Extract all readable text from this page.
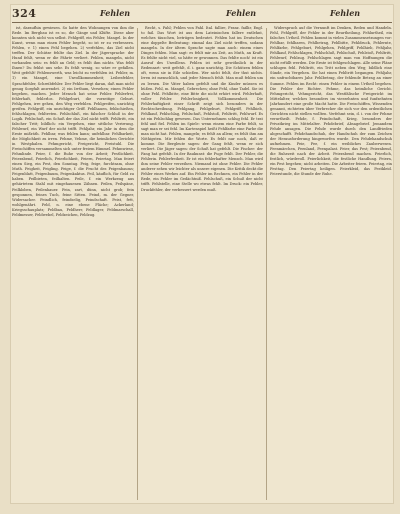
324	Fehlen	Fehlen	Fehlen

ist, daraufhin gewiesen. So hatte den Wohnungen von ihm die Rede. Im Bergbau ist es so, die Gänge und Klüfte. Diese aber konnten sich nicht von selbst. Fehlgriff, ein Fehler, Mangel. In der Kunst, wenn man einen Fehler begeht, so ist er zu verbessern. Fehlen, v. 1) einen Fehl begehen. 2) verfehlen, das Ziel nicht treffen. Der Schütze fehlte das Ziel. In der Jägersprache: der Hund fehlt, wenn er die Fährte verliert. Fehlen, mangeln, nicht vorhanden sein: es fehlt an Geld; es fehlt ihm nichts. Was fehlt Ihnen? Du fehlst uns sehr. Es fehlt wenig, so wäre er gefallen. Weit gefehlt! Fehlenswerth, was leicht zu verfehlen ist. Fehler, m. 1) ein Mangel, eine Unvollkommenheit; Leibesfehler, Sprachfehler, Schreibfehler. Der Fehler liegt daran, daß man nicht genug Sorgfalt anwendet. 2) ein Irrthum, Versehen; einen Fehler begehen, machen. Jeder Mensch hat seine Fehler. Fehlerfrei, fehlerhaft, fehlerlos. Fehlgeburt, die vorzeitige Geburt. Fehlgehen, irre gehen, den Weg verfehlen. Fehlgreifen, unrichtig greifen. Fehlgriff, ein unrichtiger Griff. Fehlhauen, fehlschießen, fehlschlagen, fehltreten. Fehlschluß, ein falscher Schluß in der Logik. Fehlschuß, ein Schuß der das Ziel nicht trifft. Fehltritt, ein falscher Tritt; bildlich: ein Vergehen, eine sittliche Verirrung. Fehlwurf, ein Wurf der nicht trifft. Fehljahr, ein Jahr in dem die Ernte mißräth. Fehlbar, was fehlen kann; unfehlbar. Fehlbarkeit, die Möglichkeit zu irren. Fehme, Vehme, die heimlichen Gerichte in Westphalen. Fehmgericht, Freigericht, Freistuhl. Die Freischöffen versammelten sich unter freiem Himmel. Fehmwiese, Fehmlinde. Feier, f. die Ruhe von der Arbeit; Festlichkeit. Feierabend, Feierlich, Feierlichkeit, Feiern, Feiertag. Man feiert einen Sieg, ein Fest, den Sonntag. Feig, feige, furchtsam, ohne Muth. Feigheit, Feigling. Feige, f. die Frucht des Feigenbaums; Feigenblatt, Feigenbaum, Feigenkaktus. Feil, käuflich, für Geld zu haben. Feilbieten, feilhalten. Feile, f. ein Werkzeug aus gehärtetem Stahl mit eingehauenen Zähnen. Feilen, Feilspäne, Feilkloben, Feilenhauer. Fein, zart, dünn, nicht grob; fein gesponnen, feines Tuch, feine Sitten. Feind, m. der Gegner, Widersacher. Feindlich, feindselig, Feindschaft. Feist, fett, wohlgenährt. Feld, n. eine ebene Fläche; Ackerland; Kriegsschauplatz; Feldbau, Feldherr, Feldlager, Feldmarschall, Feldmesser, Feldwebel, Feldzeichen, Feldzug.

Recht, s. Fahl; Fehlen von Fahl. Ital. fallire, Franz. faillir, Engl. to fail. Das Wort ist aus dem Lateinischen fallere entlehnt, welches täuschen, betrügen bedeutet. Fehlen hat im Deutschen eine doppelte Bedeutung: einmal das Ziel nicht treffen, sodann mangeln. In der ältern Sprache sagte man auch: einem eines Dinges fehlen. Man sagt: es fehlt mir an Zeit, an Muth, an Kraft. Es fehlte nicht viel, so hätte er gewonnen. Das fehlte noch! ist ein Ausruf des Unwillens. Fehlen ist sehr gewöhnlich in der Redensart: weit gefehlt, d. i. ganz unrichtig. Die Schützen fehlen oft, wenn sie in Eile schießen. Wer nicht fehlt, der thut nichts. Irren ist menschlich, und jeder Mensch fehlt. Man muß fehlen um zu lernen. Die Väter haben gefehlt und die Kinder müssen es büßen. Fehl, m. Mangel, Gebrechen; ohne Fehl, ohne Tadel. Sie ist ohne Fehl. Fehlbitte, eine Bitte die nicht erhört wird. Fehlerhaft, voller Fehler. Fehlerlosigkeit, Vollkommenheit. Die Fehlerhaftigkeit einer Schrift zeigt sich besonders in der Rechtschreibung. Fehlgang, Fehlgeburt, Fehlgriff, Fehlhieb, Fehlkauf, Fehlschlag, Fehlschuß, Fehlstoß, Fehltritt, Fehlwurf. Es ist ein Fehlschlag gewesen. Das Unternehmen schlug fehl. Er trat fehl und fiel. Fehlen im Spiele: wenn einem eine Farbe fehlt, so sagt man er sei fehl. Im Kartenspiel heißt Fehlfarbe eine Farbe die man nicht hat. Fehlen, mangeln; es fehlt an allem; es fehlt ihm am Nöthigsten. Mir fehlen die Worte. Es fehlt nur noch, daß er komme. Die Bergleute sagen: der Gang fehlt, wenn er sich verliert. Die Jäger sagen: der Schuß hat gefehlt. Die Fischer: der Fang hat gefehlt. In der Baukunst: die Fuge fehlt. Der Fehler, die Fehlerin. Fehlerfreiheit. Er ist ein fehlerhafter Mensch. Man wird ihm seine Fehler verzeihen. Niemand ist ohne Fehler. Die Fehler anderer sehen wir leichter als unsere eigenen. Die Kritik deckt die Fehler eines Werkes auf. Ein Fehler im Rechnen, ein Fehler in der Rede, ein Fehler im Gedächtniß. Fehlschuß, ein Schuß der nicht trifft. Fehlstelle, eine Stelle wo etwas fehlt. Im Druck: ein Fehler, Druckfehler, der verbessert werden muß.

Widerspruch auf die Vernunft im Denken, Reden und Handeln. Fehl, Fehlgriff, der Fehler in der Beurtheilung. Fehlurtheil, ein falsches Urtheil. Fehlen kommt in vielen Zusammensetzungen vor: Fehlbar, fehlbaren, Fehlbetrag, Fehlbitte, Fehldruck, Fehlernte, Fehlfarbe, Fehlgeburt, Fehlgehen, Fehlgriff, Fehlhieb, Fehljahr, Fehlkauf, Fehlschlagen, Fehlschluß, Fehlschuß, Fehlstoß, Fehltritt, Fehlwurf, Fehlzug. Fehlschlagen sagt man von Hoffnungen die nicht erfüllt werden. Die Ernte ist fehlgeschlagen. Alle seine Pläne schlugen fehl. Fehltritt, ein Tritt neben den Weg; bildlich eine Sünde, ein Vergehen. Sie hat einen Fehltritt begangen. Fehljahr, ein unfruchtbares Jahr. Fehlbetrag, der fehlende Betrag an einer Summe. Fehlen im Recht: einen Fehler in einem Urtheil begehen. Die Fehler der Richter. Fehme, das heimliche Gericht. Fehmgericht, Vehmgericht, das Westfälische Freigericht im Mittelalter, welches besonders im vierzehnten und funfzehnten Jahrhundert eine große Macht hatte. Die Freischöffen, Wissenden genannt, richteten über Verbrecher die sich vor den ordentlichen Gerichten nicht stellen wollten. Verfehmt sein, d. i. von der Fehme verurtheilt. Fehde, f. Feindschaft, Krieg, besonders der Privatkrieg im Mittelalter. Fehdebrief, Absagebrief. Jemandem Fehde ansagen. Die Fehde wurde durch den Landfrieden abgeschafft. Fehdehandschuh, der Handschuh der zum Zeichen der Herausforderung hingeworfen wurde. Den Fehdehandschuh aufnehmen. Feie, Fee, f. ein weibliches Zauberwesen. Feenmärchen, Feenland, Feenpalast. Feier, das Fest; Feierabend, die Ruhezeit nach der Arbeit. Feierabend machen. Feierlich, festlich, würdevoll. Feierlichkeit, die festliche Handlung. Feiern, ein Fest begehen; nicht arbeiten. Die Arbeiter feiern. Feiertag, ein Festtag. Den Feiertag heiligen. Feierkleid, das Festkleid. Feierstunde, die Stunde der Ruhe.
